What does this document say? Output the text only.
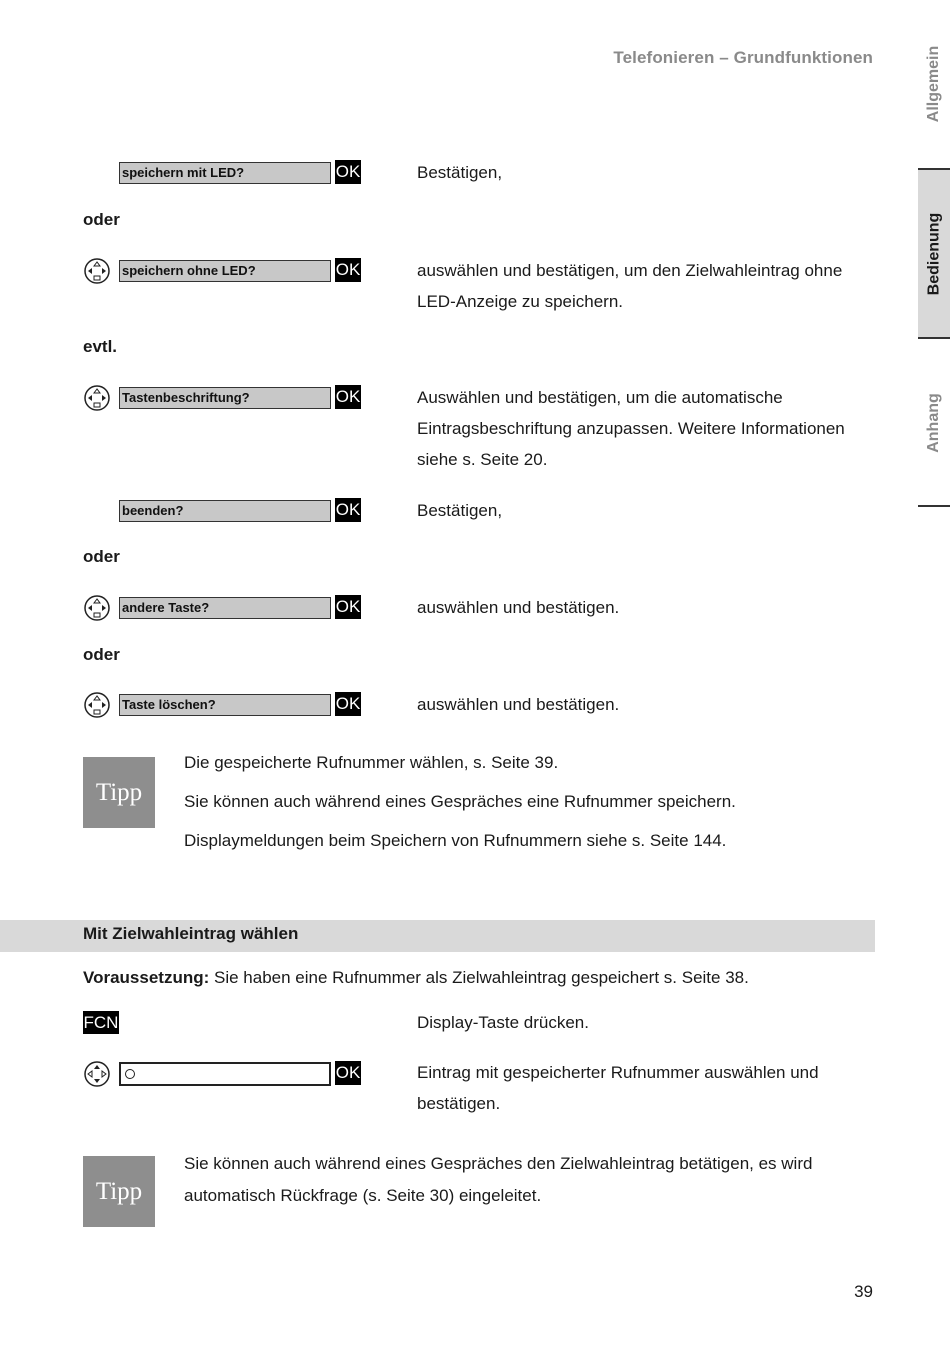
Telefonieren – Grundfunktionen	Allgemein
Bedienung
Anhang
speichern mit LED?	OK	Bestätigen,
oder
speichern ohne LED?	OK	auswählen und bestätigen, um den Zielwahleintrag ohne LED-Anzeige zu speichern.
evtl.
Tastenbeschriftung?	OK	Auswählen und bestätigen, um die automatische Eintragsbeschriftung anzupassen. Weitere Informationen siehe s. Seite 20.
beenden?	OK	Bestätigen,
oder
andere Taste?	OK	auswählen und bestätigen.
oder
Taste löschen?	OK	auswählen und bestätigen.
Tipp
Die gespeicherte Rufnummer wählen, s. Seite 39.
Sie können auch während eines Gespräches eine Rufnummer speichern.
Displaymeldungen beim Speichern von Rufnummern siehe s. Seite 144.
Mit Zielwahleintrag wählen
Voraussetzung: Sie haben eine Rufnummer als Zielwahleintrag gespeichert s. Seite 38.
FCN	Display-Taste drücken.
OK	Eintrag mit gespeicherter Rufnummer auswählen und bestätigen.
Tipp
Sie können auch während eines Gespräches den Zielwahleintrag betätigen, es wird automatisch Rückfrage (s. Seite 30) eingeleitet.
39
